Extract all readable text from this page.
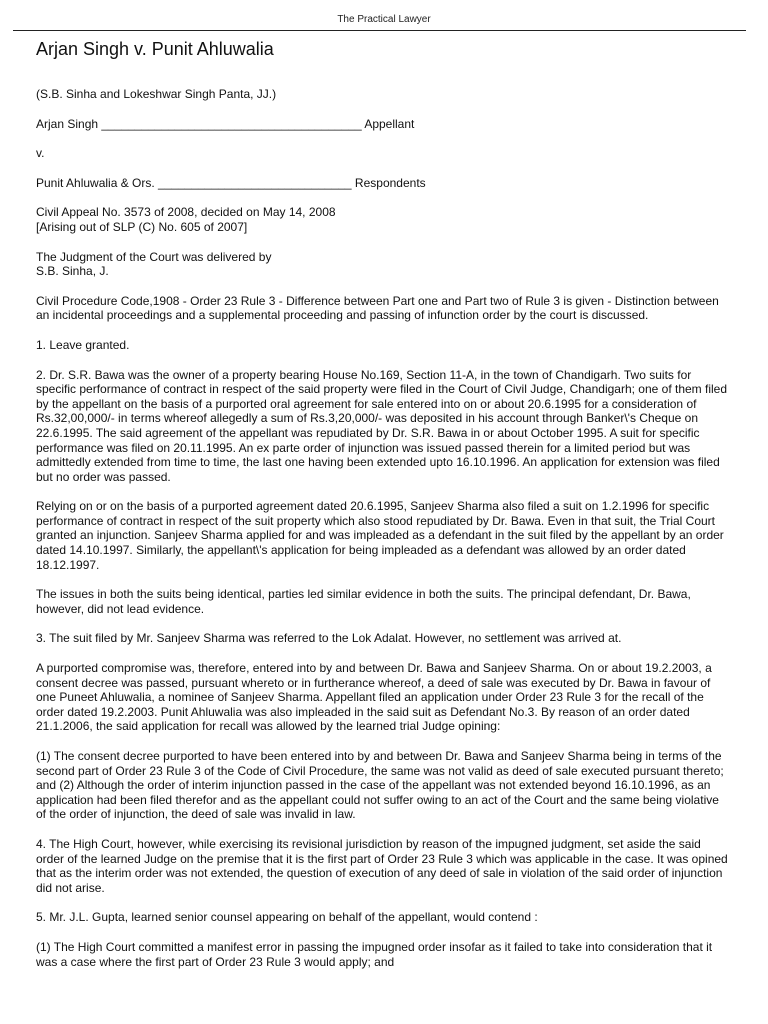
The Practical Lawyer
Arjan Singh v. Punit Ahluwalia

(S.B. Sinha and Lokeshwar Singh Panta, JJ.)

Arjan Singh _______________________________________ Appellant

v.

Punit Ahluwalia & Ors. _____________________________ Respondents

Civil Appeal No. 3573 of 2008, decided on May 14, 2008
[Arising out of SLP (C) No. 605 of 2007]

The Judgment of the Court was delivered by
S.B. Sinha, J.

Civil Procedure Code,1908 - Order 23 Rule 3 - Difference between Part one and Part two of Rule 3 is given - Distinction between an incidental proceedings and a supplemental proceeding and passing of infunction order by the court is discussed.

1. Leave granted.

2. Dr. S.R. Bawa was the owner of a property bearing House No.169, Section 11-A, in the town of Chandigarh. Two suits for specific performance of contract in respect of the said property were filed in the Court of Civil Judge, Chandigarh; one of them filed by the appellant on the basis of a purported oral agreement for sale entered into on or about 20.6.1995 for a consideration of Rs.32,00,000/- in terms whereof allegedly a sum of Rs.3,20,000/- was deposited in his account through Banker\'s Cheque on 22.6.1995. The said agreement of the appellant was repudiated by Dr. S.R. Bawa in or about October 1995. A suit for specific performance was filed on 20.11.1995. An ex parte order of injunction was issued passed therein for a limited period but was admittedly extended from time to time, the last one having been extended upto 16.10.1996. An application for extension was filed but no order was passed.

Relying on or on the basis of a purported agreement dated 20.6.1995, Sanjeev Sharma also filed a suit on 1.2.1996 for specific performance of contract in respect of the suit property which also stood repudiated by Dr. Bawa. Even in that suit, the Trial Court granted an injunction. Sanjeev Sharma applied for and was impleaded as a defendant in the suit filed by the appellant by an order dated 14.10.1997. Similarly, the appellant\'s application for being impleaded as a defendant was allowed by an order dated 18.12.1997.

The issues in both the suits being identical, parties led similar evidence in both the suits. The principal defendant, Dr. Bawa, however, did not lead evidence.

3. The suit filed by Mr. Sanjeev Sharma was referred to the Lok Adalat. However, no settlement was arrived at.

A purported compromise was, therefore, entered into by and between Dr. Bawa and Sanjeev Sharma. On or about 19.2.2003, a consent decree was passed, pursuant whereto or in furtherance whereof, a deed of sale was executed by Dr. Bawa in favour of one Puneet Ahluwalia, a nominee of Sanjeev Sharma. Appellant filed an application under Order 23 Rule 3 for the recall of the order dated 19.2.2003. Punit Ahluwalia was also impleaded in the said suit as Defendant No.3. By reason of an order dated 21.1.2006, the said application for recall was allowed by the learned trial Judge opining:

(1) The consent decree purported to have been entered into by and between Dr. Bawa and Sanjeev Sharma being in terms of the second part of Order 23 Rule 3 of the Code of Civil Procedure, the same was not valid as deed of sale executed pursuant thereto; and (2) Although the order of interim injunction passed in the case of the appellant was not extended beyond 16.10.1996, as an application had been filed therefor and as the appellant could not suffer owing to an act of the Court and the same being violative of the order of injunction, the deed of sale was invalid in law.

4. The High Court, however, while exercising its revisional jurisdiction by reason of the impugned judgment, set aside the said order of the learned Judge on the premise that it is the first part of Order 23 Rule 3 which was applicable in the case. It was opined that as the interim order was not extended, the question of execution of any deed of sale in violation of the said order of injunction did not arise.

5. Mr. J.L. Gupta, learned senior counsel appearing on behalf of the appellant, would contend :

(1) The High Court committed a manifest error in passing the impugned order insofar as it failed to take into consideration that it was a case where the first part of Order 23 Rule 3 would apply; and
